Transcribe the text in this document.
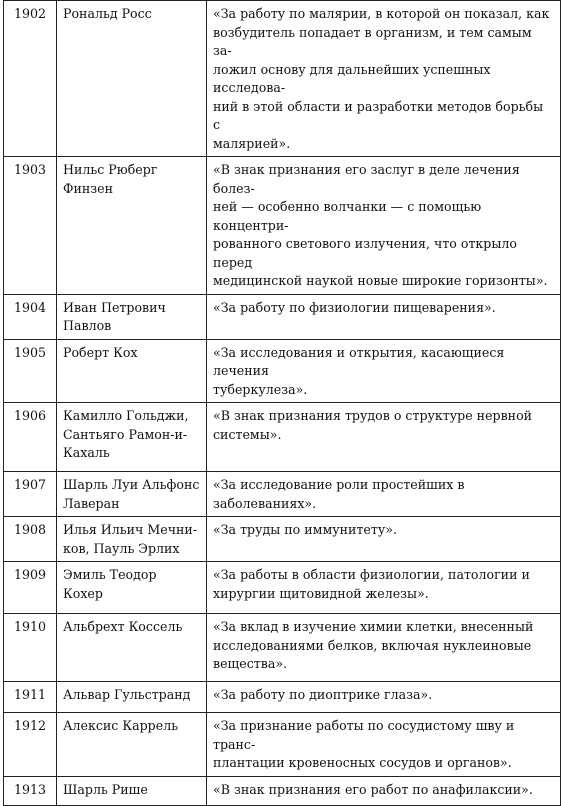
1902	Рональд Росс	«За работу по малярии, в которой он показал, как
возбудитель попадает в организм, и тем самым за-
ложил основу для дальнейших успешных исследова-
ний в этой области и разработки методов борьбы с
малярией».

1903	Нильс Рюберг
Финзен	«В знак признания его заслуг в деле лечения болез-
ней — особенно волчанки — с помощью концентри-
рованного светового излучения, что открыло перед
медицинской наукой новые широкие горизонты».

1904	Иван Петрович
Павлов	«За работу по физиологии пищеварения».

1905	Роберт Кох	«За исследования и открытия, касающиеся лечения
туберкулеза».

1906	Камилло Гольджи,
Сантьяго Рамон-и-
Кахаль	«В знак признания трудов о структуре нервной
системы».

1907	Шарль Луи Альфонс
Лаверан	«За исследование роли простейших в заболеваниях».

1908	Илья Ильич Мечни-
ков, Пауль Эрлих	«За труды по иммунитету».

1909	Эмиль Теодор Кохер	«За работы в области физиологии, патологии и
хирургии щитовидной железы».

1910	Альбрехт Коссель	«За вклад в изучение химии клетки, внесенный
исследованиями белков, включая нуклеиновые
вещества».

1911	Альвар Гульстранд	«За работу по диоптрике глаза».

1912	Алексис Каррель	«За признание работы по сосудистому шву и транс-
плантации кровеносных сосудов и органов».

1913	Шарль Рише	«В знак признания его работ по анафилаксии».
